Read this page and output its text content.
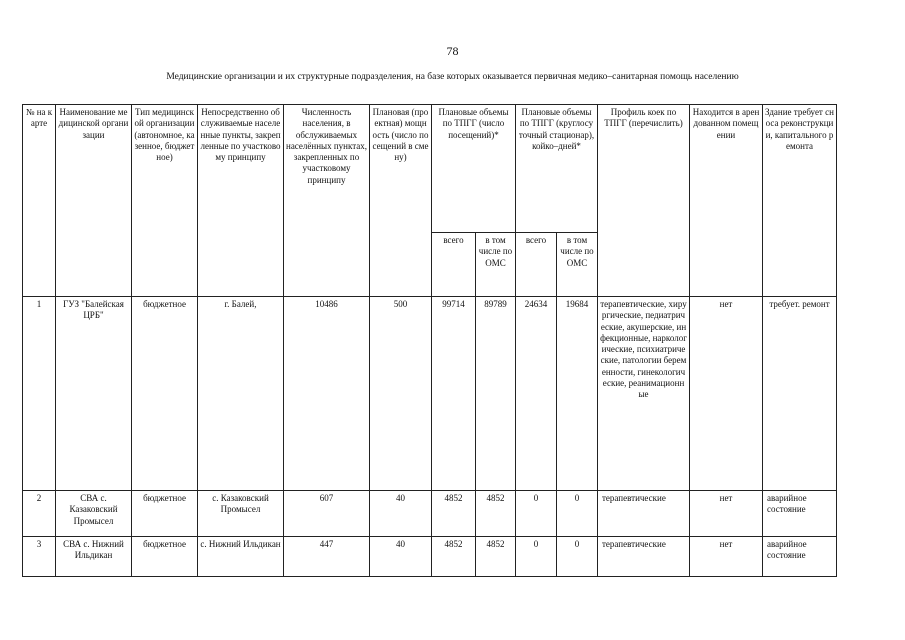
78
Медицинские организации и их структурные подразделения, на базе которых оказывается первичная медико–санитарная помощь населению
№ на карте	Наименование медицинской организации	Тип медицинской организации (автономное, казенное, бюджетное)	Непосредственно обслуживаемые населенные пункты, закрепленные по участковому принципу	Численность населения, в обслуживаемых населённых пунктах, закрепленных по участковому принципу	Плановая (проектная) мощность (число посещений в смену)	Плановые объемы по ТПГГ (число посещений)*		Плановые объемы по ТПГГ (круглосуточный стационар), койко–дней*		Профиль коек по ТПГГ (перечислить)	Находится в арендованном помещении	Здание требует сноса реконструкции, капитального ремонта
						всего	в том числе по ОМС	всего	в том числе по ОМС			
1	ГУЗ "Балейская ЦРБ"	бюджетное	г. Балей,	10486	500	99714	89789	24634	19684	терапевтические, хирургические, педиатрические, акушерские, инфекционные, наркологические, психиатрические, патологии беременности, гинекологические, реанимационные	нет	требует. ремонт
2	СВА с. Казаковский Промысел	бюджетное	с. Казаковский Промысел	607	40	4852	4852	0	0	терапевтические	нет	аварийное состояние
3	СВА с. Нижний Ильдикан	бюджетное	с. Нижний Ильдикан	447	40	4852	4852	0	0	терапевтические	нет	аварийное состояние
